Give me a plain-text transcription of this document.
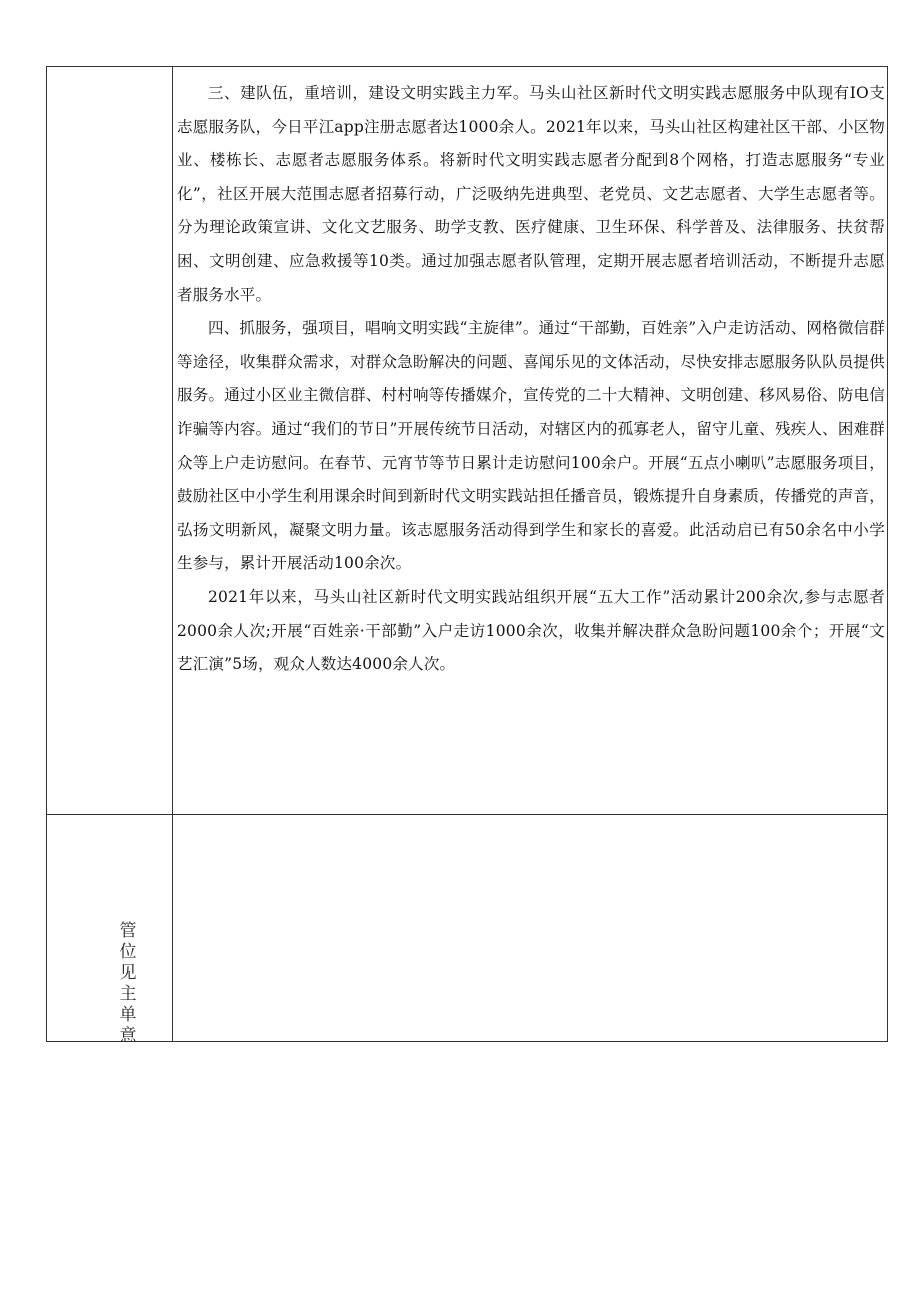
三、建队伍，重培训，建设文明实践主力军。马头山社区新时代文明实践志愿服务中队现有IO支志愿服务队，今日平江app注册志愿者达1000余人。2021年以来，马头山社区构建社区干部、小区物业、楼栋长、志愿者志愿服务体系。将新时代文明实践志愿者分配到8个网格，打造志愿服务“专业化”，社区开展大范围志愿者招募行动，广泛吸纳先进典型、老党员、文艺志愿者、大学生志愿者等。分为理论政策宣讲、文化文艺服务、助学支教、医疗健康、卫生环保、科学普及、法律服务、扶贫帮困、文明创建、应急救援等10类。通过加强志愿者队管理，定期开展志愿者培训活动，不断提升志愿者服务水平。

四、抓服务，强项目，唱响文明实践“主旋律”。通过“干部勤，百姓亲”入户走访活动、网格微信群等途径，收集群众需求，对群众急盼解决的问题、喜闻乐见的文体活动，尽快安排志愿服务队队员提供服务。通过小区业主微信群、村村响等传播媒介，宣传党的二十大精神、文明创建、移风易俗、防电信诈骗等内容。通过“我们的节日”开展传统节日活动，对辖区内的孤寡老人，留守儿童、残疾人、困难群众等上户走访慰问。在春节、元宵节等节日累计走访慰问100余户。开展“五点小喇叭”志愿服务项目，鼓励社区中小学生利用课余时间到新时代文明实践站担任播音员，锻炼提升自身素质，传播党的声音，弘扬文明新风，凝聚文明力量。该志愿服务活动得到学生和家长的喜爱。此活动启已有50余名中小学生参与，累计开展活动100余次。

2021年以来，马头山社区新时代文明实践站组织开展“五大工作”活动累计200余次,参与志愿者2000余人次;开展“百姓亲·干部勤”入户走访1000余次，收集并解决群众急盼问题100余个；开展“文艺汇演”5场，观众人数达4000余人次。

管
位
见
主
单
意
